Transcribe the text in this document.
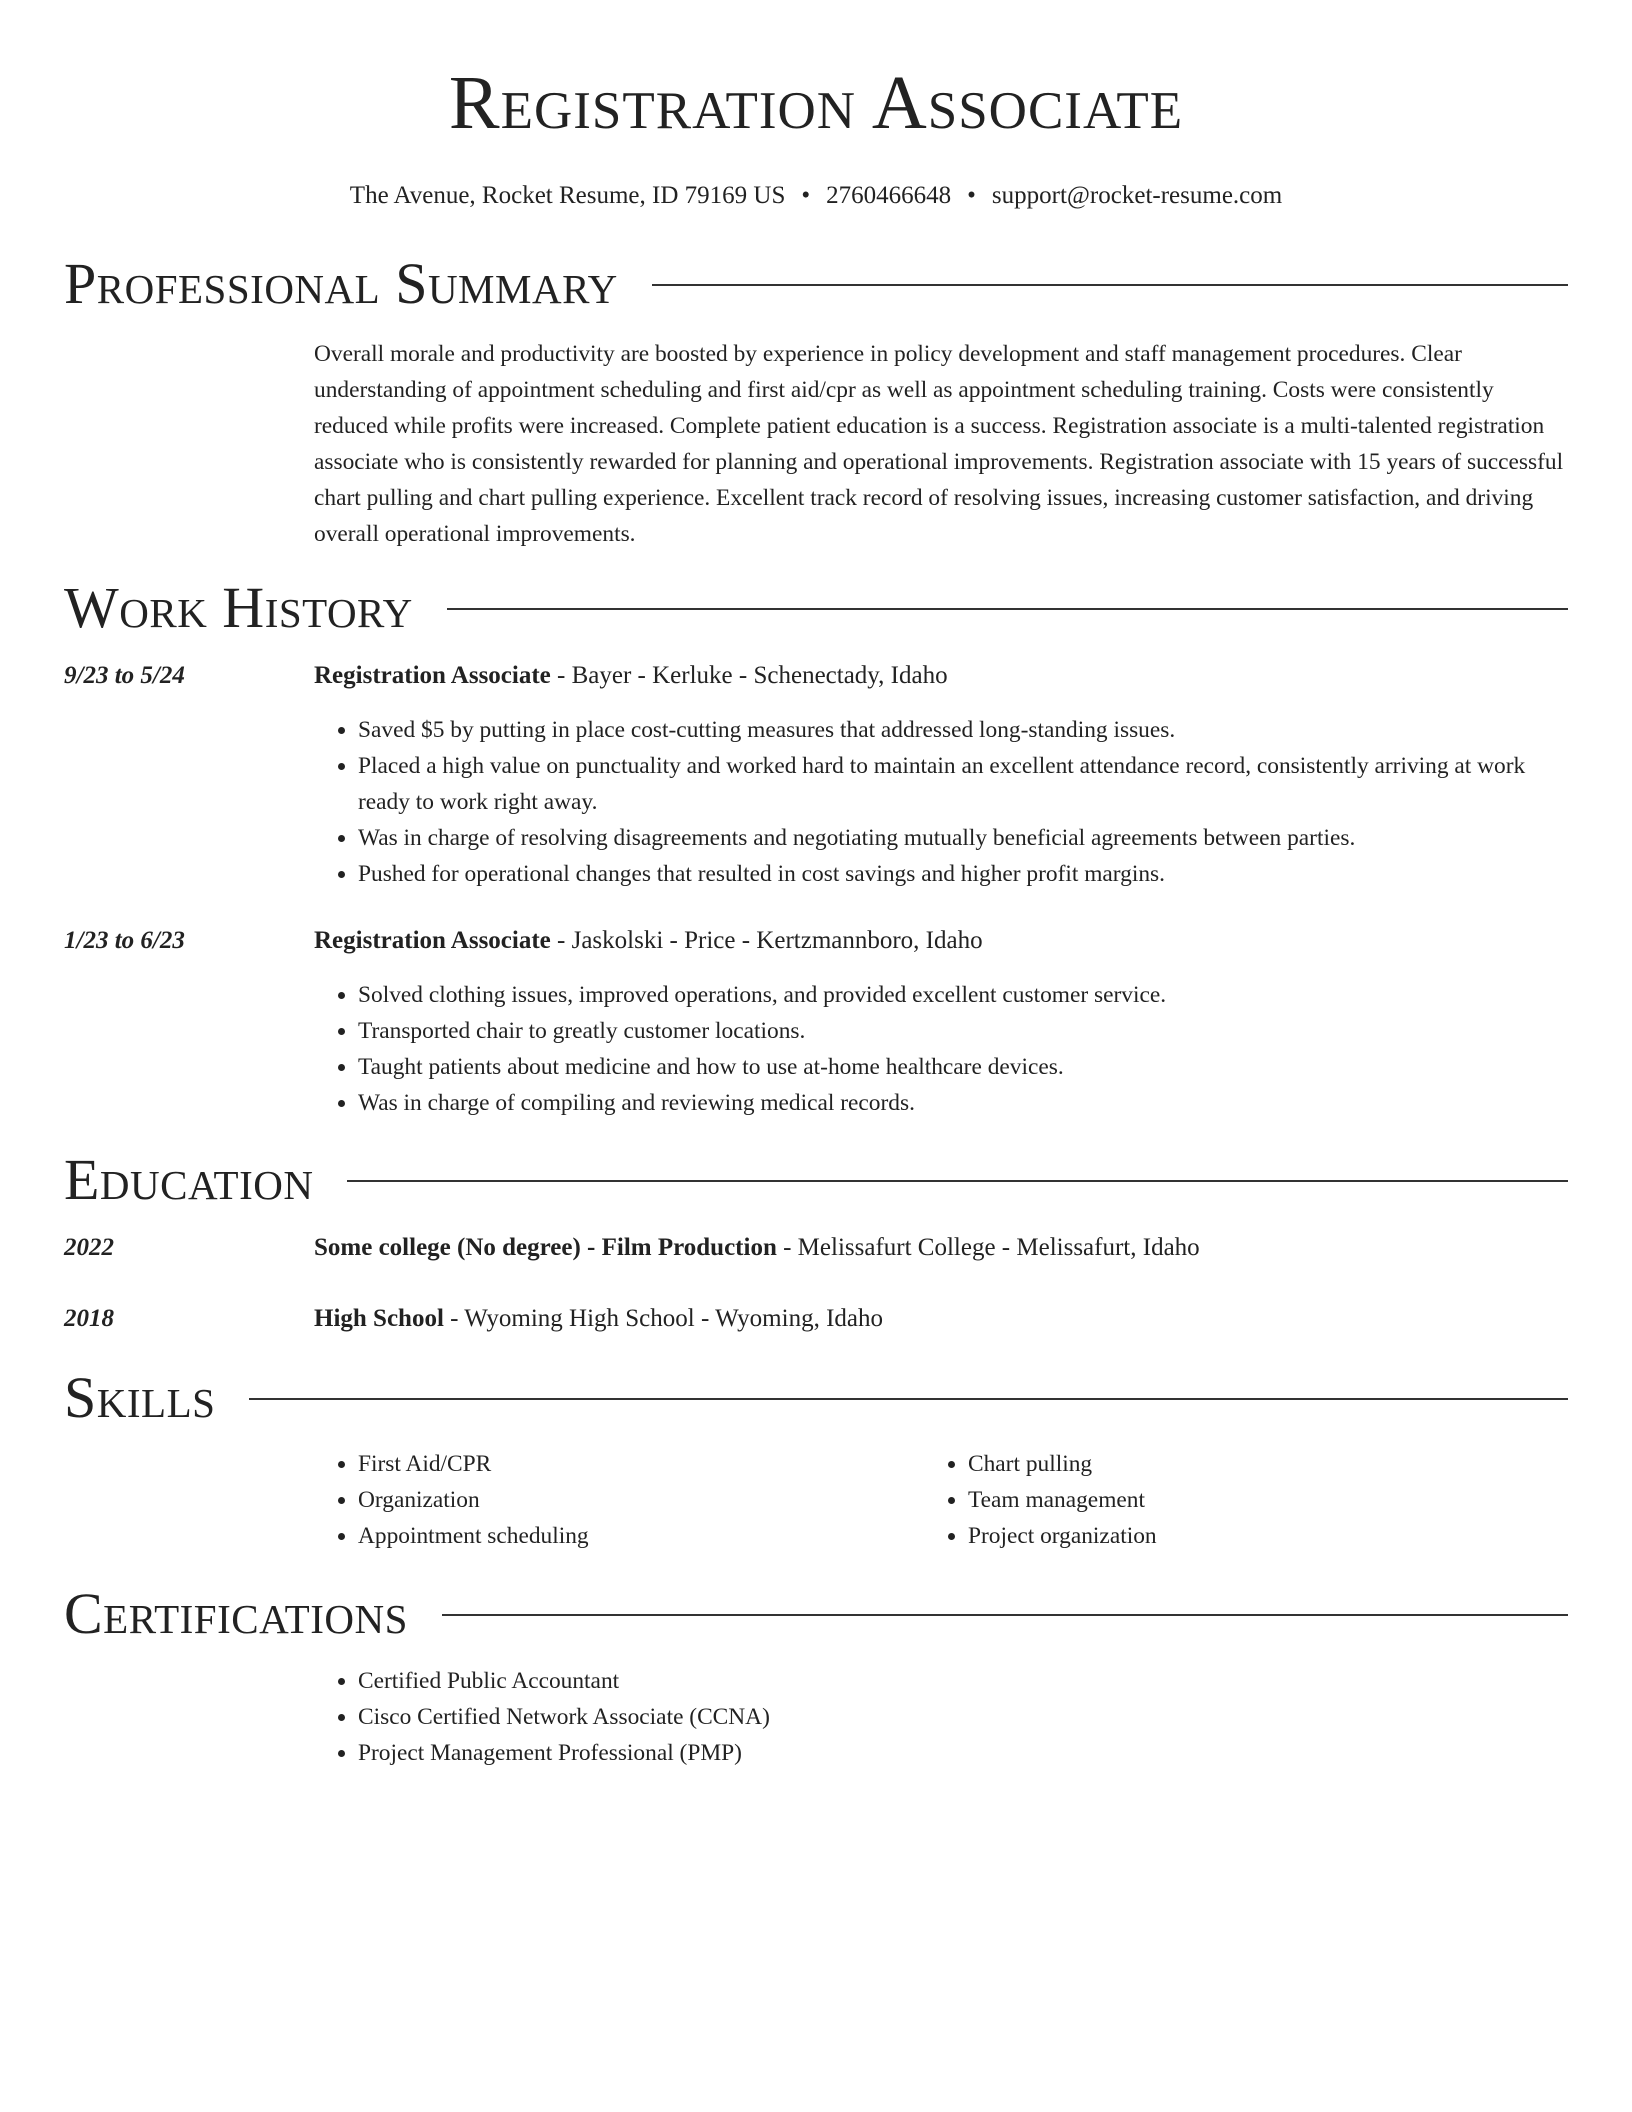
Registration Associate
The Avenue, Rocket Resume, ID 79169 US • 2760466648 • support@rocket-resume.com
Professional Summary
Overall morale and productivity are boosted by experience in policy development and staff management procedures. Clear understanding of appointment scheduling and first aid/cpr as well as appointment scheduling training. Costs were consistently reduced while profits were increased. Complete patient education is a success. Registration associate is a multi-talented registration associate who is consistently rewarded for planning and operational improvements. Registration associate with 15 years of successful chart pulling and chart pulling experience. Excellent track record of resolving issues, increasing customer satisfaction, and driving overall operational improvements.
Work History
9/23 to 5/24	Registration Associate - Bayer - Kerluke - Schenectady, Idaho
• Saved $5 by putting in place cost-cutting measures that addressed long-standing issues.
• Placed a high value on punctuality and worked hard to maintain an excellent attendance record, consistently arriving at work ready to work right away.
• Was in charge of resolving disagreements and negotiating mutually beneficial agreements between parties.
• Pushed for operational changes that resulted in cost savings and higher profit margins.
1/23 to 6/23	Registration Associate - Jaskolski - Price - Kertzmannboro, Idaho
• Solved clothing issues, improved operations, and provided excellent customer service.
• Transported chair to greatly customer locations.
• Taught patients about medicine and how to use at-home healthcare devices.
• Was in charge of compiling and reviewing medical records.
Education
2022	Some college (No degree) - Film Production - Melissafurt College - Melissafurt, Idaho
2018	High School - Wyoming High School - Wyoming, Idaho
Skills
• First Aid/CPR
• Organization
• Appointment scheduling
• Chart pulling
• Team management
• Project organization
Certifications
• Certified Public Accountant
• Cisco Certified Network Associate (CCNA)
• Project Management Professional (PMP)
